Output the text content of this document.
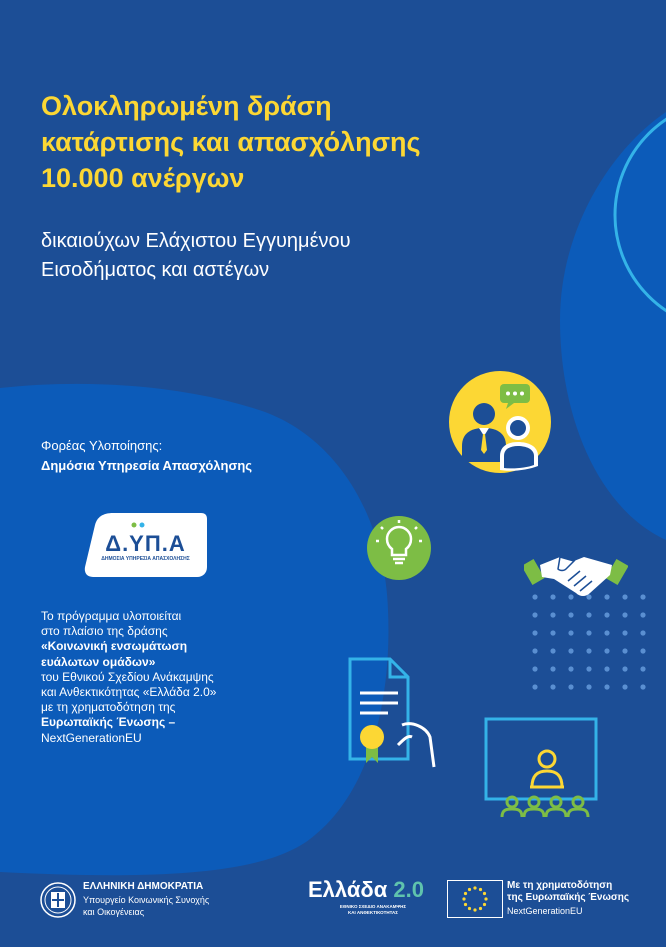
Ολοκληρωμένη δράση
κατάρτισης και απασχόλησης
10.000 ανέργων
δικαιούχων Ελάχιστου Εγγυημένου
Εισοδήματος και αστέγων
Φορέας Υλοποίησης:
Δημόσια Υπηρεσία Απασχόλησης
Δ.ΥΠ.Α
ΔΗΜΟΣΙΑ ΥΠΗΡΕΣΙΑ ΑΠΑΣΧΟΛΗΣΗΣ
Το πρόγραμμα υλοποιείται
στο πλαίσιο της δράσης
«Κοινωνική ενσωμάτωση
ευάλωτων ομάδων»
του Εθνικού Σχεδίου Ανάκαμψης
και Ανθεκτικότητας «Ελλάδα 2.0»
με τη χρηματοδότηση της
Ευρωπαϊκής Ένωσης –
NextGenerationEU
ΕΛΛΗΝΙΚΗ ΔΗΜΟΚΡΑΤΙΑ
Υπουργείο Κοινωνικής Συνοχής
και Οικογένειας
Ελλάδα 2.0
ΕΘΝΙΚΟ ΣΧΕΔΙΟ ΑΝΑΚΑΜΨΗΣ
ΚΑΙ ΑΝΘΕΚΤΙΚΟΤΗΤΑΣ
Με τη χρηματοδότηση
της Ευρωπαϊκής Ένωσης
NextGenerationEU
